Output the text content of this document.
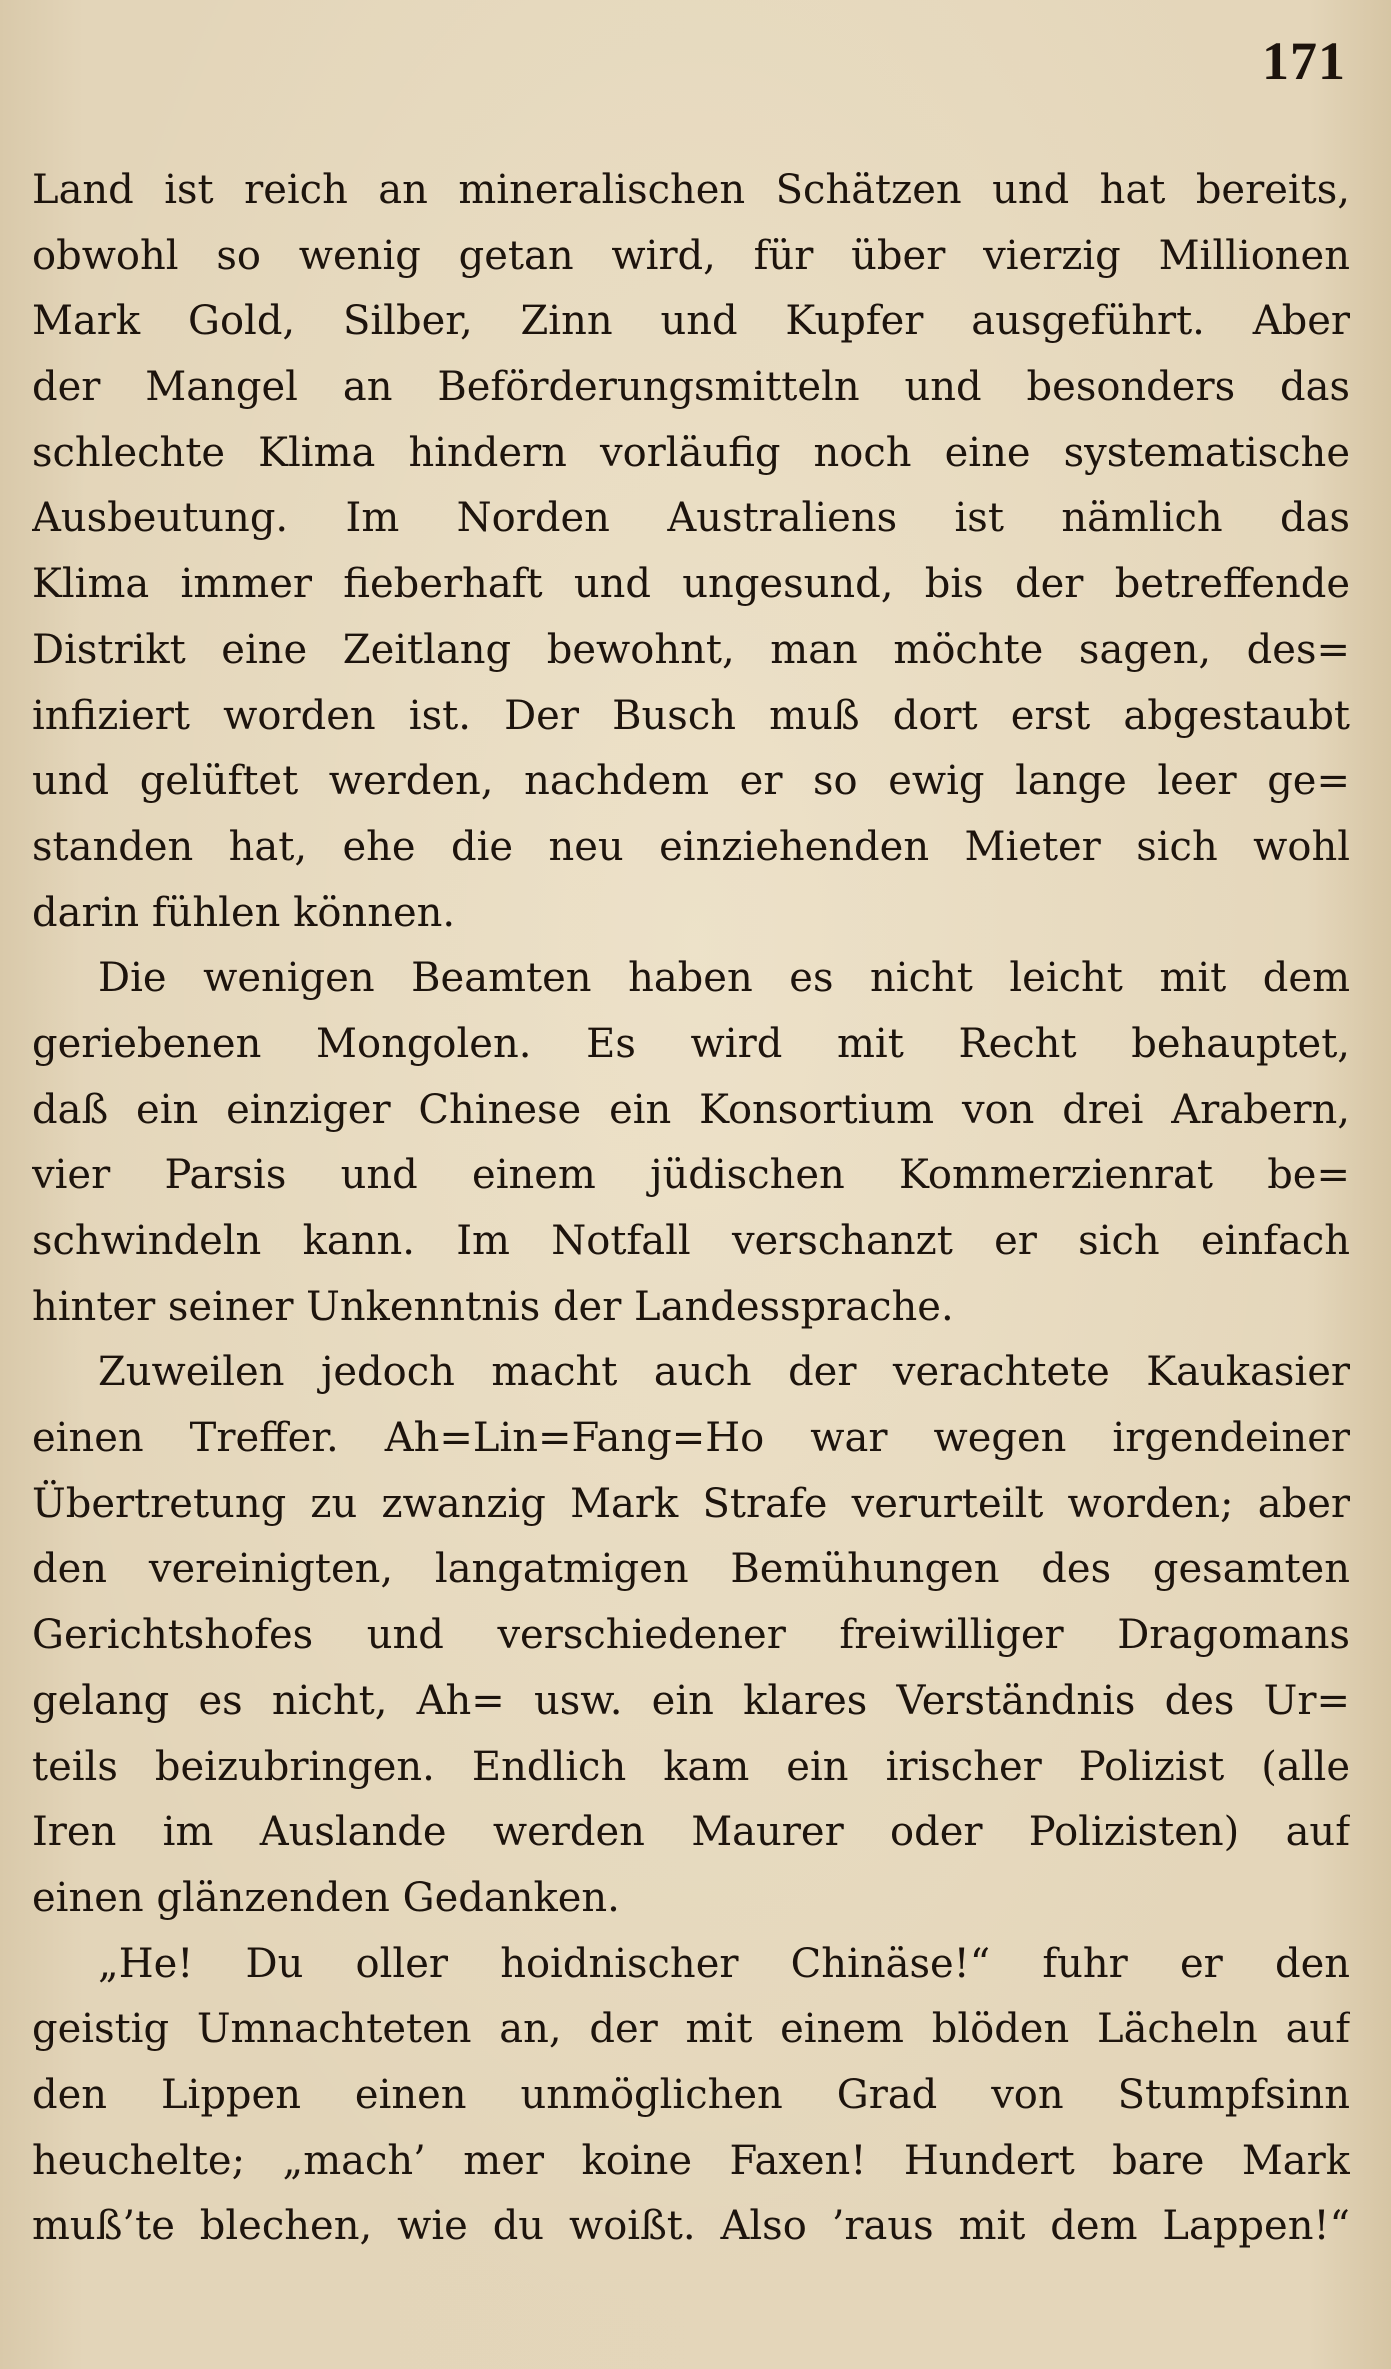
171
Land ist reich an mineralischen Schätzen und hat bereits,
obwohl so wenig getan wird, für über vierzig Millionen
Mark Gold, Silber, Zinn und Kupfer ausgeführt. Aber
der Mangel an Beförderungsmitteln und besonders das
schlechte Klima hindern vorläufig noch eine systematische
Ausbeutung. Im Norden Australiens ist nämlich das
Klima immer fieberhaft und ungesund, bis der betreffende
Distrikt eine Zeitlang bewohnt, man möchte sagen, des=
infiziert worden ist. Der Busch muß dort erst abgestaubt
und gelüftet werden, nachdem er so ewig lange leer ge=
standen hat, ehe die neu einziehenden Mieter sich wohl
darin fühlen können.
Die wenigen Beamten haben es nicht leicht mit dem
geriebenen Mongolen. Es wird mit Recht behauptet,
daß ein einziger Chinese ein Konsortium von drei Arabern,
vier Parsis und einem jüdischen Kommerzienrat be=
schwindeln kann. Im Notfall verschanzt er sich einfach
hinter seiner Unkenntnis der Landessprache.
Zuweilen jedoch macht auch der verachtete Kaukasier
einen Treffer. Ah=Lin=Fang=Ho war wegen irgendeiner
Übertretung zu zwanzig Mark Strafe verurteilt worden; aber
den vereinigten, langatmigen Bemühungen des gesamten
Gerichtshofes und verschiedener freiwilliger Dragomans
gelang es nicht, Ah= usw. ein klares Verständnis des Ur=
teils beizubringen. Endlich kam ein irischer Polizist (alle
Iren im Auslande werden Maurer oder Polizisten) auf
einen glänzenden Gedanken.
„He! Du oller hoidnischer Chinäse!“ fuhr er den
geistig Umnachteten an, der mit einem blöden Lächeln auf
den Lippen einen unmöglichen Grad von Stumpfsinn
heuchelte; „mach’ mer koine Faxen! Hundert bare Mark
muß’te blechen, wie du woißt. Also ’raus mit dem Lappen!“
